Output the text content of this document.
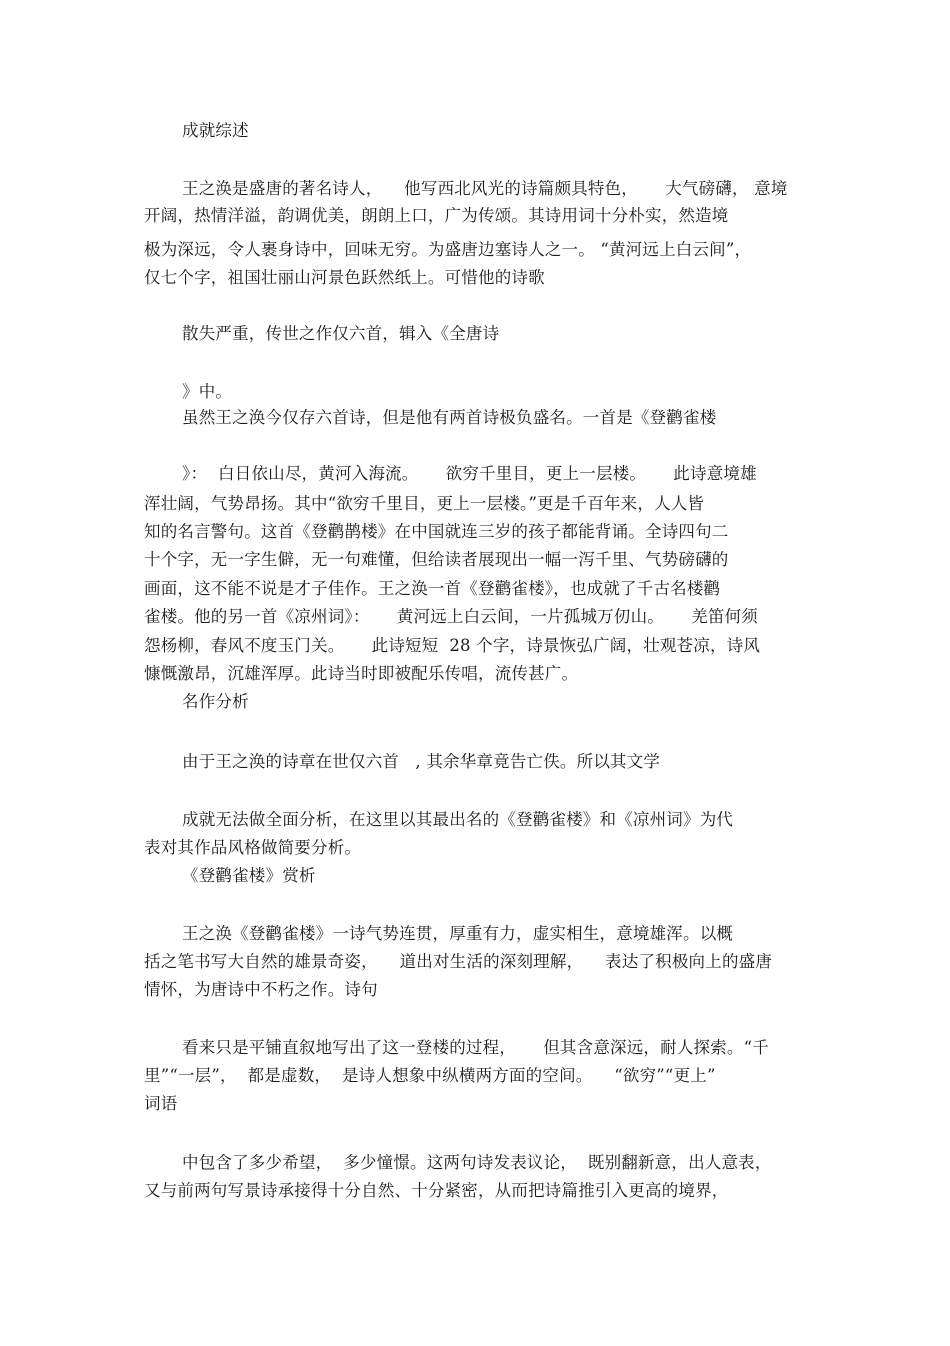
成就综述
王之涣是盛唐的著名诗人，    他写西北风光的诗篇颇具特色，     大气磅礴， 意境
开阔，热情洋溢，韵调优美，朗朗上口，广为传颂。其诗用词十分朴实，然造境
极为深远，令人裹身诗中，回味无穷。为盛唐边塞诗人之一。 “黄河远上白云间”，
仅七个字，祖国壮丽山河景色跃然纸上。可惜他的诗歌
散失严重，传世之作仅六首，辑入《全唐诗
》中。
虽然王之涣今仅存六首诗，但是他有两首诗极负盛名。一首是《登鹳雀楼
》：  白日依山尽，黄河入海流。     欲穷千里目，更上一层楼。     此诗意境雄
浑壮阔，气势昂扬。其中“欲穷千里目，更上一层楼。”更是千百年来，人人皆
知的名言警句。这首《登鹳鹊楼》在中国就连三岁的孩子都能背诵。全诗四句二
十个字，无一字生僻，无一句难懂，但给读者展现出一幅一泻千里、气势磅礴的
画面，这不能不说是才子佳作。王之涣一首《登鹳雀楼》，也成就了千古名楼鹳
雀楼。他的另一首《凉州词》：     黄河远上白云间，一片孤城万仞山。     羌笛何须
怨杨柳，春风不度玉门关。     此诗短短  28 个字，诗景恢弘广阔，壮观苍凉，诗风
慷慨激昂，沉雄浑厚。此诗当时即被配乐传唱，流传甚广。
名作分析
由于王之涣的诗章在世仅六首   , 其余华章竟告亡佚。所以其文学
成就无法做全面分析，在这里以其最出名的《登鹳雀楼》和《凉州词》为代
表对其作品风格做简要分析。
《登鹳雀楼》赏析
王之涣《登鹳雀楼》一诗气势连贯，厚重有力，虚实相生，意境雄浑。以概
括之笔书写大自然的雄景奇姿，    道出对生活的深刻理解，    表达了积极向上的盛唐
情怀，为唐诗中不朽之作。诗句
看来只是平铺直叙地写出了这一登楼的过程，     但其含意深远，耐人探索。“千
里”“一层”，  都是虚数，  是诗人想象中纵横两方面的空间。    “欲穷”“更上”
词语
中包含了多少希望，  多少憧憬。这两句诗发表议论，  既别翻新意，出人意表，
又与前两句写景诗承接得十分自然、十分紧密，从而把诗篇推引入更高的境界，
